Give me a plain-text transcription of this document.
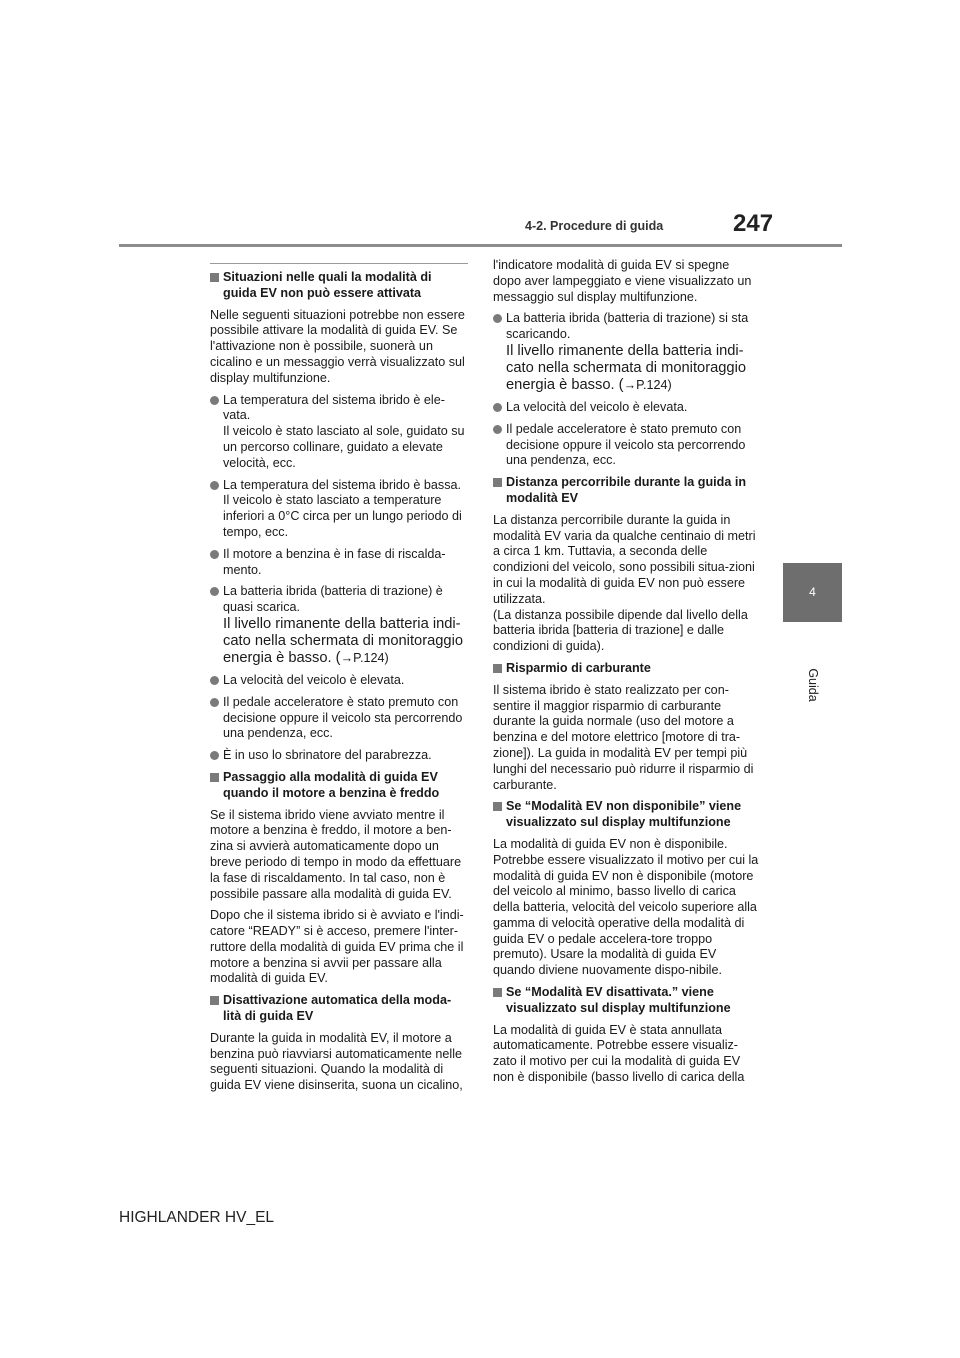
4-2. Procedure di guida	247
4
Guida
Situazioni nelle quali la modalità di guida EV non può essere attivata

Nelle seguenti situazioni potrebbe non essere possibile attivare la modalità di guida EV. Se l'attivazione non è possibile, suonerà un cicalino e un messaggio verrà visualizzato sul display multifunzione.

La temperatura del sistema ibrido è ele-vata.
Il veicolo è stato lasciato al sole, guidato su un percorso collinare, guidato a elevate velocità, ecc.
La temperatura del sistema ibrido è bassa. Il veicolo è stato lasciato a temperature inferiori a 0°C circa per un lungo periodo di tempo, ecc.
Il motore a benzina è in fase di riscalda-mento.
La batteria ibrida (batteria di trazione) è quasi scarica.
Il livello rimanente della batteria indi-cato nella schermata di monitoraggio energia è basso. (→P.124)
La velocità del veicolo è elevata.
Il pedale acceleratore è stato premuto con decisione oppure il veicolo sta percorrendo una pendenza, ecc.
È in uso lo sbrinatore del parabrezza.
Passaggio alla modalità di guida EV quando il motore a benzina è freddo

Se il sistema ibrido viene avviato mentre il motore a benzina è freddo, il motore a ben-zina si avvierà automaticamente dopo un breve periodo di tempo in modo da effettuare la fase di riscaldamento. In tal caso, non è possibile passare alla modalità di guida EV.

Dopo che il sistema ibrido si è avviato e l'indi-catore “READY” si è acceso, premere l'inter-ruttore della modalità di guida EV prima che il motore a benzina si avvii per passare alla modalità di guida EV.

Disattivazione automatica della moda-lità di guida EV

Durante la guida in modalità EV, il motore a benzina può riavviarsi automaticamente nelle seguenti situazioni. Quando la modalità di guida EV viene disinserita, suona un cicalino,

l'indicatore modalità di guida EV si spegne dopo aver lampeggiato e viene visualizzato un messaggio sul display multifunzione.

La batteria ibrida (batteria di trazione) si sta scaricando.
Il livello rimanente della batteria indi-cato nella schermata di monitoraggio energia è basso. (→P.124)
La velocità del veicolo è elevata.
Il pedale acceleratore è stato premuto con decisione oppure il veicolo sta percorrendo una pendenza, ecc.
Distanza percorribile durante la guida in modalità EV

La distanza percorribile durante la guida in modalità EV varia da qualche centinaio di metri a circa 1 km. Tuttavia, a seconda delle condizioni del veicolo, sono possibili situa-zioni in cui la modalità di guida EV non può essere utilizzata.
(La distanza possibile dipende dal livello della batteria ibrida [batteria di trazione] e dalle condizioni di guida).

Risparmio di carburante

Il sistema ibrido è stato realizzato per con-sentire il maggior risparmio di carburante durante la guida normale (uso del motore a benzina e del motore elettrico [motore di tra-zione]). La guida in modalità EV per tempi più lunghi del necessario può ridurre il risparmio di carburante.

Se “Modalità EV non disponibile” viene visualizzato sul display multifunzione

La modalità di guida EV non è disponibile. Potrebbe essere visualizzato il motivo per cui la modalità di guida EV non è disponibile (motore del veicolo al minimo, basso livello di carica della batteria, velocità del veicolo superiore alla gamma di velocità operative della modalità di guida EV o pedale accelera-tore troppo premuto). Usare la modalità di guida EV quando diviene nuovamente dispo-nibile.

Se “Modalità EV disattivata.” viene visualizzato sul display multifunzione

La modalità di guida EV è stata annullata automaticamente. Potrebbe essere visualiz-zato il motivo per cui la modalità di guida EV non è disponibile (basso livello di carica della

HIGHLANDER HV_EL
